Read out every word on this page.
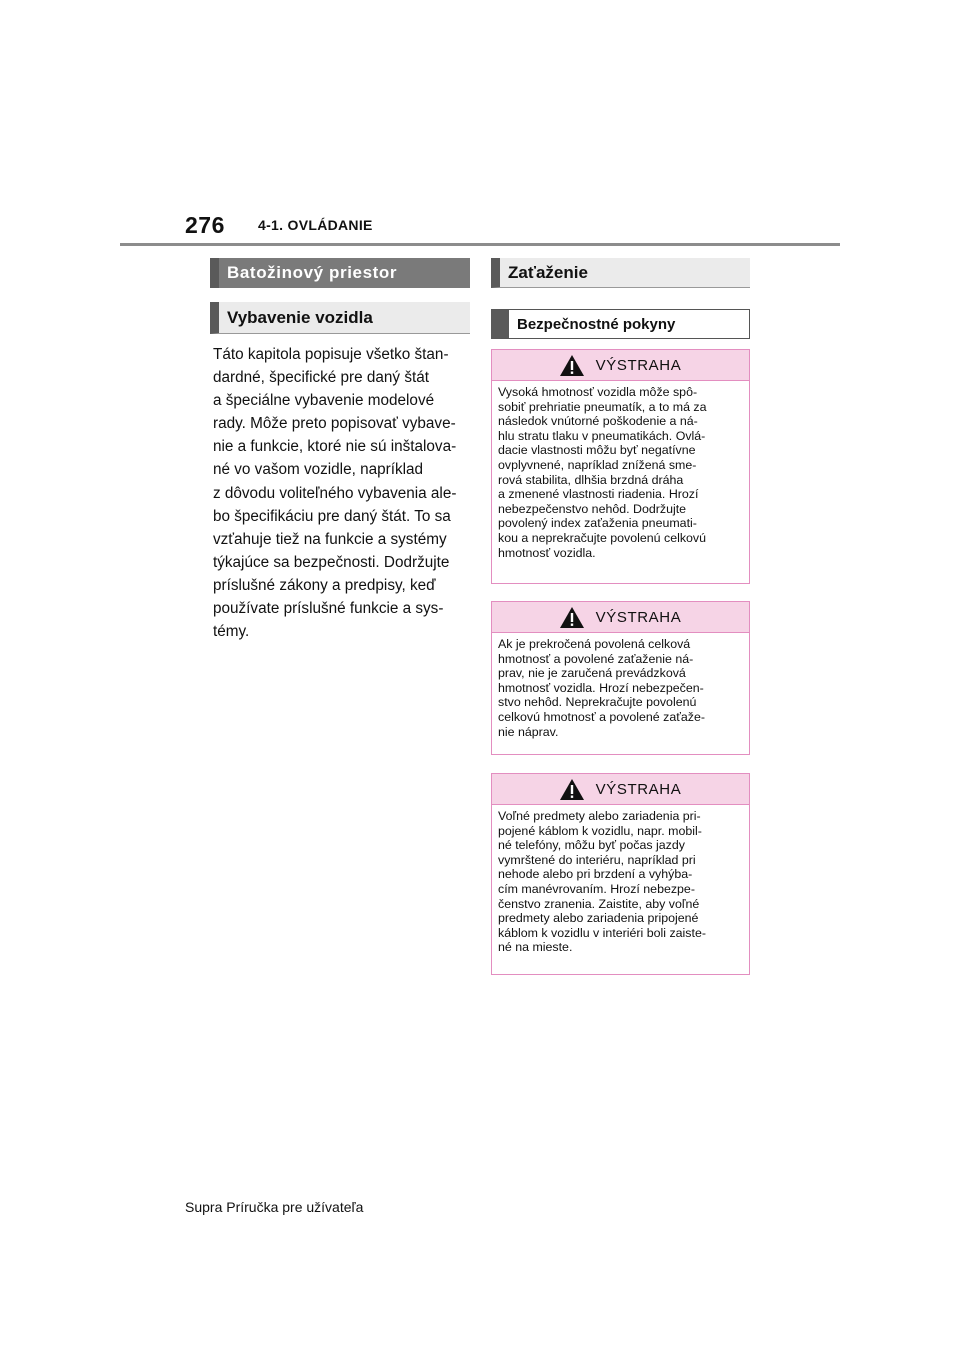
276 4-1. OVLÁDANIE
Batožinový priestor
Vybavenie vozidla

Táto kapitola popisuje všetko štan-
dardné, špecifické pre daný štát
a špeciálne vybavenie modelové
rady. Môže preto popisovať vybave-
nie a funkcie, ktoré nie sú inštalova-
né vo vašom vozidle, napríklad
z dôvodu voliteľného vybavenia ale-
bo špecifikáciu pre daný štát. To sa
vzťahuje tiež na funkcie a systémy
týkajúce sa bezpečnosti. Dodržujte
príslušné zákony a predpisy, keď
používate príslušné funkcie a sys-
témy.

Zaťaženie
Bezpečnostné pokyny
VÝSTRAHA
Vysoká hmotnosť vozidla môže spô-
sobiť prehriatie pneumatík, a to má za
následok vnútorné poškodenie a ná-
hlu stratu tlaku v pneumatikách. Ovlá-
dacie vlastnosti môžu byť negatívne
ovplyvnené, napríklad znížená sme-
rová stabilita, dlhšia brzdná dráha
a zmenené vlastnosti riadenia. Hrozí
nebezpečenstvo nehôd. Dodržujte
povolený index zaťaženia pneumati-
kou a neprekračujte povolenú celkovú
hmotnosť vozidla.
VÝSTRAHA
Ak je prekročená povolená celková
hmotnosť a povolené zaťaženie ná-
prav, nie je zaručená prevádzková
hmotnosť vozidla. Hrozí nebezpečen-
stvo nehôd. Neprekračujte povolenú
celkovú hmotnosť a povolené zaťaže-
nie náprav.
VÝSTRAHA
Voľné predmety alebo zariadenia pri-
pojené káblom k vozidlu, napr. mobil-
né telefóny, môžu byť počas jazdy
vymrštené do interiéru, napríklad pri
nehode alebo pri brzdení a vyhýba-
cím manévrovaním. Hrozí nebezpe-
čenstvo zranenia. Zaistite, aby voľné
predmety alebo zariadenia pripojené
káblom k vozidlu v interiéri boli zaiste-
né na mieste.
Supra Príručka pre užívateľa
